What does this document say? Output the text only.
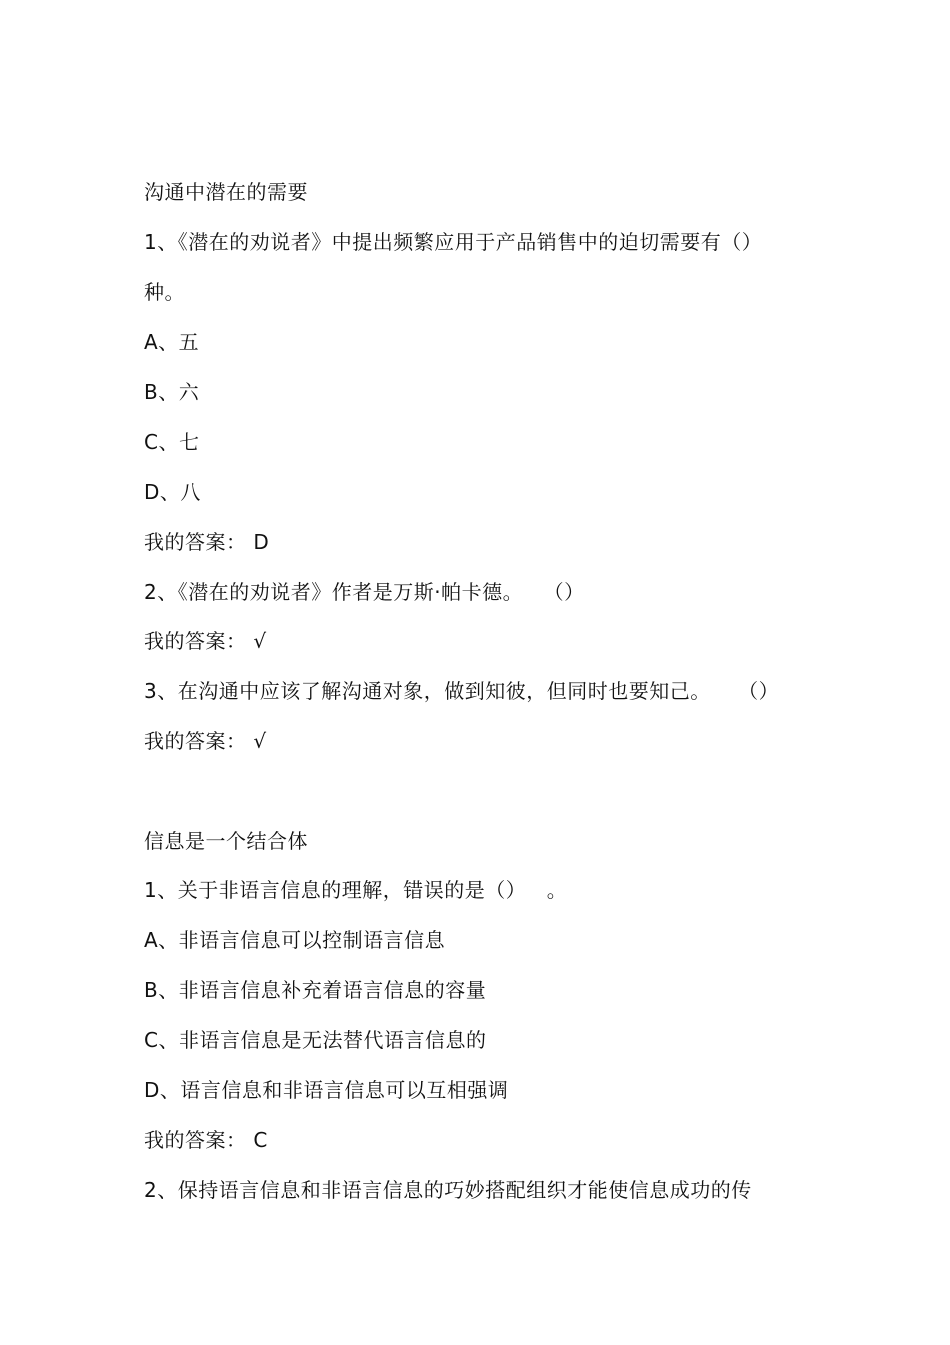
沟通中潜在的需要
1、《潜在的劝说者》中提出频繁应用于产品销售中的迫切需要有（）
种。
A、五
B、六
C、七
D、八
我的答案： D
2、《潜在的劝说者》作者是万斯·帕卡德。   （）
我的答案： √
3、在沟通中应该了解沟通对象，做到知彼，但同时也要知己。    （）
我的答案： √
信息是一个结合体
1、关于非语言信息的理解，错误的是（）   。
A、非语言信息可以控制语言信息
B、非语言信息补充着语言信息的容量
C、非语言信息是无法替代语言信息的
D、语言信息和非语言信息可以互相强调
我的答案： C
2、保持语言信息和非语言信息的巧妙搭配组织才能使信息成功的传
